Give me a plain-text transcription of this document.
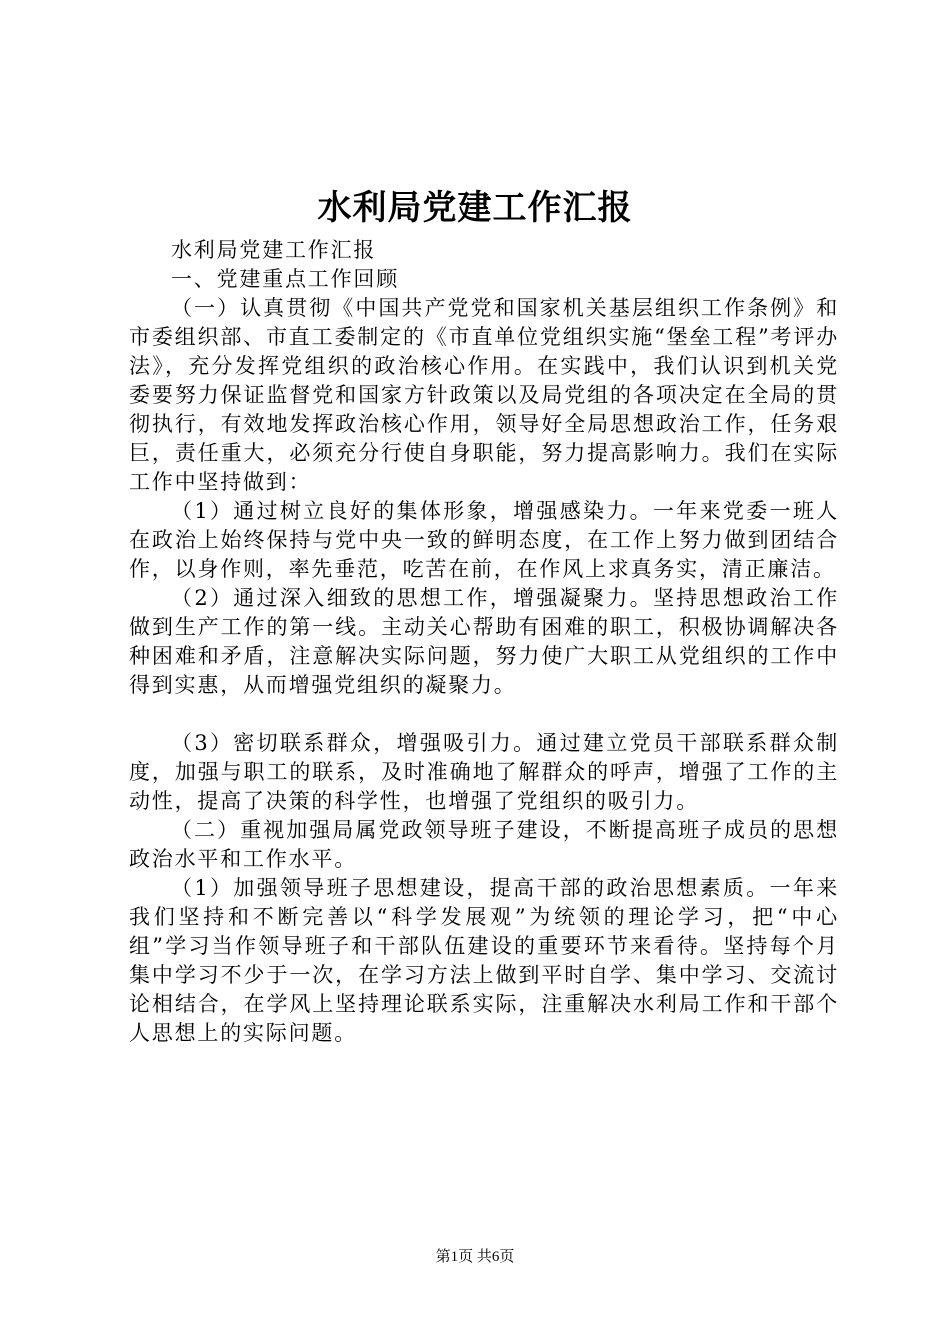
水利局党建工作汇报

水利局党建工作汇报

一、党建重点工作回顾

（一）认真贯彻《中国共产党党和国家机关基层组织工作条例》和市委组织部、市直工委制定的《市直单位党组织实施“堡垒工程”考评办法》，充分发挥党组织的政治核心作用。在实践中，我们认识到机关党委要努力保证监督党和国家方针政策以及局党组的各项决定在全局的贯彻执行，有效地发挥政治核心作用，领导好全局思想政治工作，任务艰巨，责任重大，必须充分行使自身职能，努力提高影响力。我们在实际工作中坚持做到：

（1）通过树立良好的集体形象，增强感染力。一年来党委一班人在政治上始终保持与党中央一致的鲜明态度，在工作上努力做到团结合作，以身作则，率先垂范，吃苦在前，在作风上求真务实，清正廉洁。

（2）通过深入细致的思想工作，增强凝聚力。坚持思想政治工作做到生产工作的第一线。主动关心帮助有困难的职工，积极协调解决各种困难和矛盾，注意解决实际问题，努力使广大职工从党组织的工作中得到实惠，从而增强党组织的凝聚力。

（3）密切联系群众，增强吸引力。通过建立党员干部联系群众制度，加强与职工的联系，及时准确地了解群众的呼声，增强了工作的主动性，提高了决策的科学性，也增强了党组织的吸引力。

（二）重视加强局属党政领导班子建设，不断提高班子成员的思想政治水平和工作水平。

（1）加强领导班子思想建设，提高干部的政治思想素质。一年来我们坚持和不断完善以“科学发展观”为统领的理论学习，把“中心组”学习当作领导班子和干部队伍建设的重要环节来看待。坚持每个月集中学习不少于一次，在学习方法上做到平时自学、集中学习、交流讨论相结合，在学风上坚持理论联系实际，注重解决水利局工作和干部个人思想上的实际问题。

第1页 共6页
